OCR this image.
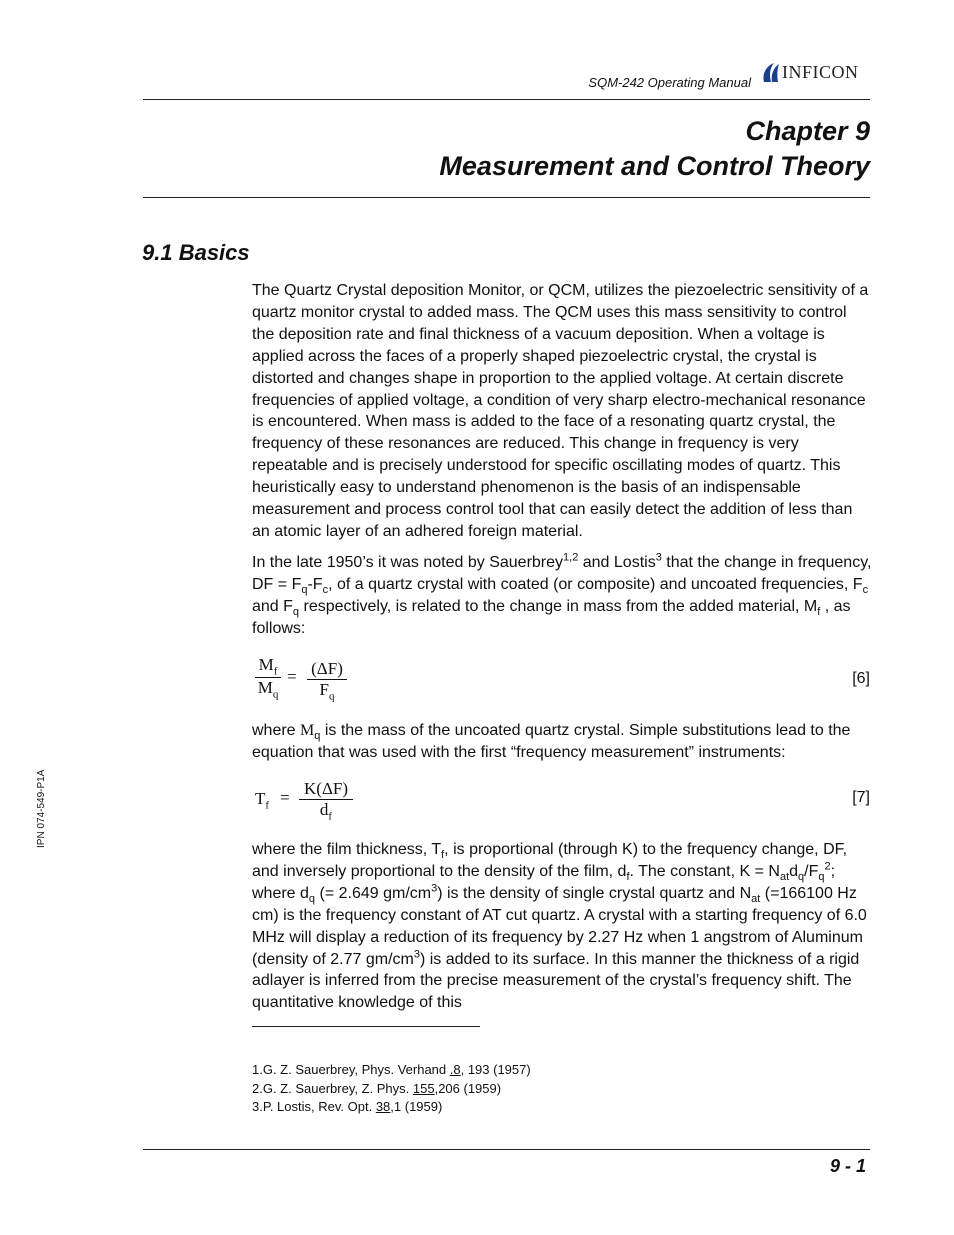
SQM-242 Operating Manual
INFICON
Chapter 9
Measurement and Control Theory
9.1 Basics
The Quartz Crystal deposition Monitor, or QCM, utilizes the piezoelectric sensitivity of a quartz monitor crystal to added mass. The QCM uses this mass sensitivity to control the deposition rate and final thickness of a vacuum deposition. When a voltage is applied across the faces of a properly shaped piezoelectric crystal, the crystal is distorted and changes shape in proportion to the applied voltage. At certain discrete frequencies of applied voltage, a condition of very sharp electro-mechanical resonance is encountered. When mass is added to the face of a resonating quartz crystal, the frequency of these resonances are reduced. This change in frequency is very repeatable and is precisely understood for specific oscillating modes of quartz. This heuristically easy to understand phenomenon is the basis of an indispensable measurement and process control tool that can easily detect the addition of less than an atomic layer of an adhered foreign material.
In the late 1950’s it was noted by Sauerbrey$^{1,2}$ and Lostis$^3$ that the change in frequency, DF = $F_q-F_c$, of a quartz crystal with coated (or composite) and uncoated frequencies, $F_c$ and $F_q$ respectively, is related to the change in mass from the added material, $M_f$ , as follows:
$\frac{M_f}{M_q} = \frac{(\Delta F)}{F_q}$	[6]
where $M_q$ is the mass of the uncoated quartz crystal. Simple substitutions lead to the equation that was used with the first “frequency measurement” instruments:
$T_f = \frac{K(\Delta F)}{d_f}$	[7]
where the film thickness, $T_f$, is proportional (through K) to the frequency change, DF, and inversely proportional to the density of the film, $d_f$. The constant, $K = N_{at}d_q/F_q^2$; where $d_q$ (= 2.649 $gm/cm^3$) is the density of single crystal quartz and $N_{at}$ (=166100 Hz cm) is the frequency constant of AT cut quartz. A crystal with a starting frequency of 6.0 MHz will display a reduction of its frequency by 2.27 Hz when 1 angstrom of Aluminum (density of 2.77 $gm/cm^3$) is added to its surface. In this manner the thickness of a rigid adlayer is inferred from the precise measurement of the crystal’s frequency shift. The quantitative knowledge of this
1.G. Z. Sauerbrey, Phys. Verhand .8, 193 (1957)
2.G. Z. Sauerbrey, Z. Phys. 155,206 (1959)
3.P. Lostis, Rev. Opt. 38,1 (1959)
IPN 074-549-P1A
9 - 1
